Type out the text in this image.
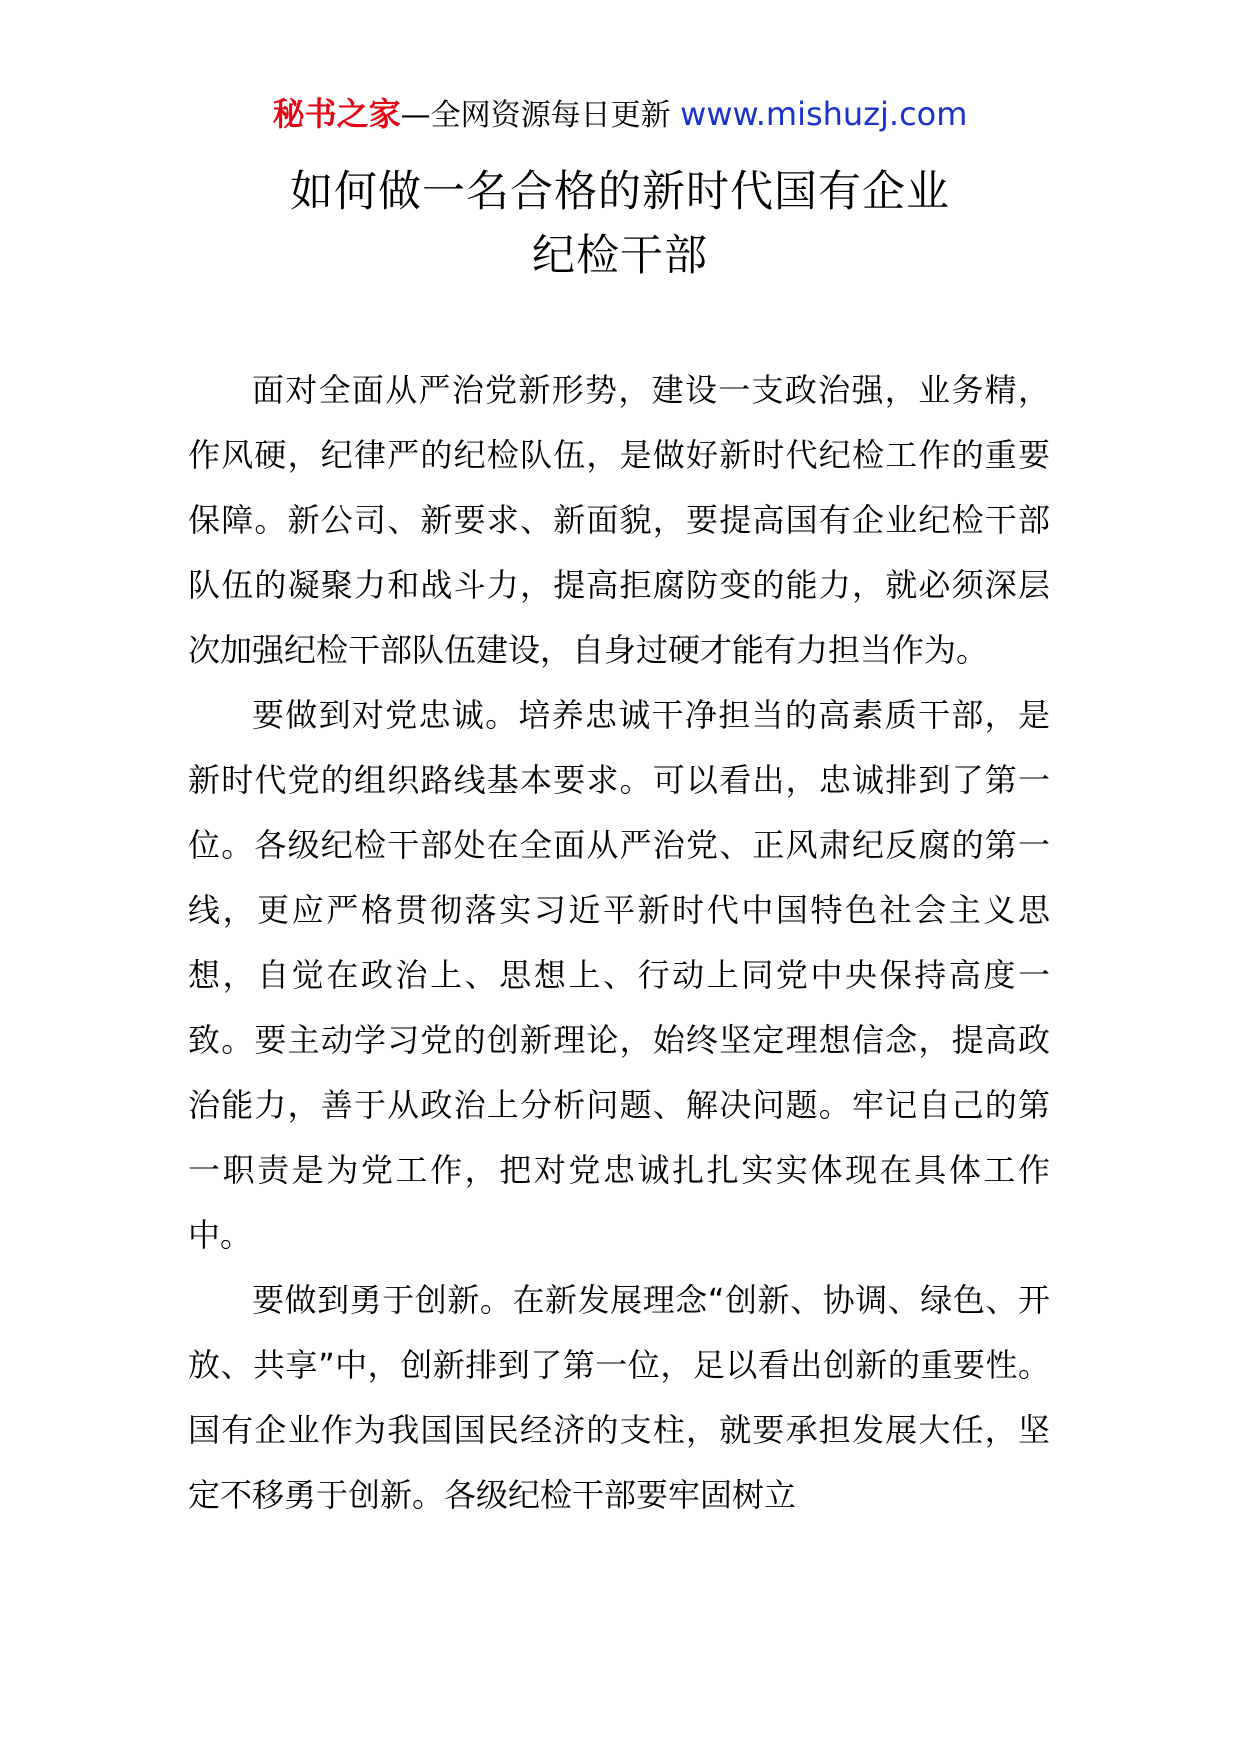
秘书之家—全网资源每日更新 www.mishuzj.com
如何做一名合格的新时代国有企业
纪检干部

面对全面从严治党新形势，建设一支政治强，业务精，作风硬，纪律严的纪检队伍，是做好新时代纪检工作的重要保障。新公司、新要求、新面貌，要提高国有企业纪检干部队伍的凝聚力和战斗力，提高拒腐防变的能力，就必须深层次加强纪检干部队伍建设，自身过硬才能有力担当作为。

要做到对党忠诚。培养忠诚干净担当的高素质干部，是新时代党的组织路线基本要求。可以看出，忠诚排到了第一位。各级纪检干部处在全面从严治党、正风肃纪反腐的第一线，更应严格贯彻落实习近平新时代中国特色社会主义思想，自觉在政治上、思想上、行动上同党中央保持高度一致。要主动学习党的创新理论，始终坚定理想信念，提高政治能力，善于从政治上分析问题、解决问题。牢记自己的第一职责是为党工作，把对党忠诚扎扎实实体现在具体工作中。

要做到勇于创新。在新发展理念“创新、协调、绿色、开放、共享”中，创新排到了第一位，足以看出创新的重要性。国有企业作为我国国民经济的支柱，就要承担发展大任，坚定不移勇于创新。各级纪检干部要牢固树立
